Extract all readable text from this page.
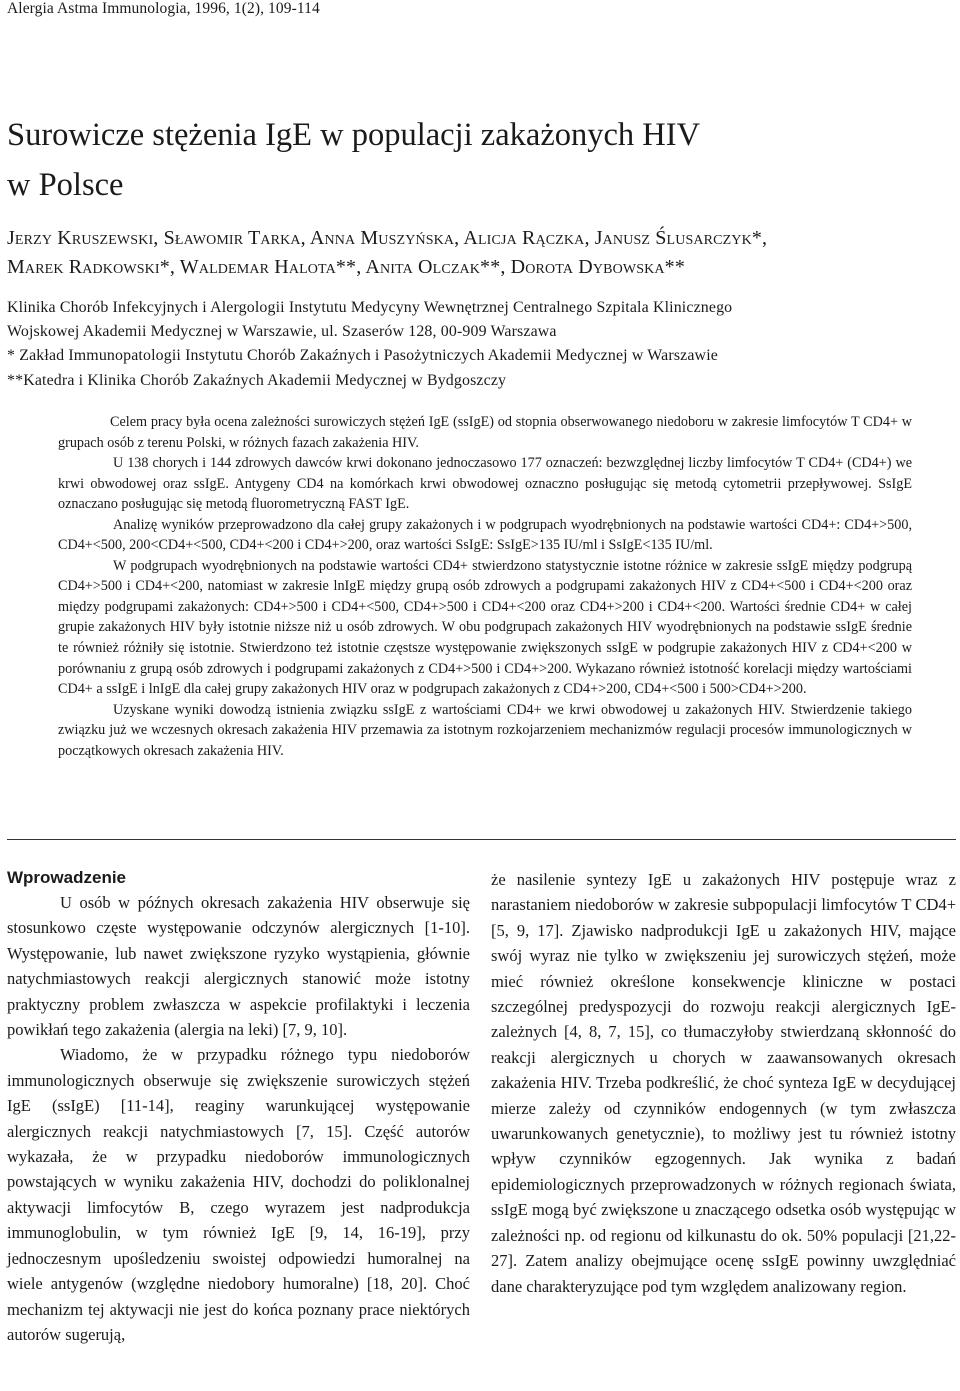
Alergia Astma Immunologia, 1996, 1(2), 109-114
Surowicze stężenia IgE w populacji zakażonych HIV
w Polsce
Jerzy Kruszewski, Sławomir Tarka, Anna Muszyńska, Alicja Rączka, Janusz Ślusarczyk*,
Marek Radkowski*, Waldemar Halota**, Anita Olczak**, Dorota Dybowska**
Klinika Chorób Infekcyjnych i Alergologii Instytutu Medycyny Wewnętrznej Centralnego Szpitala Klinicznego
Wojskowej Akademii Medycznej w Warszawie, ul. Szaserów 128, 00-909 Warszawa
* Zakład Immunopatologii Instytutu Chorób Zakaźnych i Pasożytniczych Akademii Medycznej w Warszawie
**Katedra i Klinika Chorób Zakaźnych Akademii Medycznej w Bydgoszczy

Celem pracy była ocena zależności surowiczych stężeń IgE (ssIgE) od stopnia obserwowanego niedoboru w zakresie limfocytów T CD4+ w grupach osób z terenu Polski, w różnych fazach zakażenia HIV.

U 138 chorych i 144 zdrowych dawców krwi dokonano jednoczasowo 177 oznaczeń: bezwzględnej liczby limfocytów T CD4+ (CD4+) we krwi obwodowej oraz ssIgE. Antygeny CD4 na komórkach krwi obwodowej oznaczno posługując się metodą cytometrii przepływowej. SsIgE oznaczano posługując się metodą fluorometryczną FAST IgE.

Analizę wyników przeprowadzono dla całej grupy zakażonych i w podgrupach wyodrębnionych na podstawie wartości CD4+: CD4+>500, CD4+<500, 200<CD4+<500, CD4+<200 i CD4+>200, oraz wartości SsIgE: SsIgE>135 IU/ml i SsIgE<135 IU/ml.

W podgrupach wyodrębnionych na podstawie wartości CD4+ stwierdzono statystycznie istotne różnice w zakresie ssIgE między podgrupą CD4+>500 i CD4+<200, natomiast w zakresie lnIgE między grupą osób zdrowych a podgrupami zakażonych HIV z CD4+<500 i CD4+<200 oraz między podgrupami zakażonych: CD4+>500 i CD4+<500, CD4+>500 i CD4+<200 oraz CD4+>200 i CD4+<200. Wartości średnie CD4+ w całej grupie zakażonych HIV były istotnie niższe niż u osób zdrowych. W obu podgrupach zakażonych HIV wyodrębnionych na podstawie ssIgE średnie te również różniły się istotnie. Stwierdzono też istotnie częstsze występowanie zwiększonych ssIgE w podgrupie zakażonych HIV z CD4+<200 w porównaniu z grupą osób zdrowych i podgrupami zakażonych z CD4+>500 i CD4+>200. Wykazano również istotność korelacji między wartościami CD4+ a ssIgE i lnIgE dla całej grupy zakażonych HIV oraz w podgrupach zakażonych z CD4+>200, CD4+<500 i 500>CD4+>200.

Uzyskane wyniki dowodzą istnienia związku ssIgE z wartościami CD4+ we krwi obwodowej u zakażonych HIV. Stwierdzenie takiego związku już we wczesnych okresach zakażenia HIV przemawia za istotnym rozkojarzeniem mechanizmów regulacji procesów immunologicznych w początkowych okresach zakażenia HIV.

Wprowadzenie

U osób w późnych okresach zakażenia HIV obserwuje się stosunkowo częste występowanie odczynów alergicznych [1-10]. Występowanie, lub nawet zwiększone ryzyko wystąpienia, głównie natychmiastowych reakcji alergicznych stanowić może istotny praktyczny problem zwłaszcza w aspekcie profilaktyki i leczenia powikłań tego zakażenia (alergia na leki) [7, 9, 10].

Wiadomo, że w przypadku różnego typu niedoborów immunologicznych obserwuje się zwiększenie surowiczych stężeń IgE (ssIgE) [11-14], reaginy warunkującej występowanie alergicznych reakcji natychmiastowych [7, 15]. Część autorów wykazała, że w przypadku niedoborów immunologicznych powstających w wyniku zakażenia HIV, dochodzi do poliklonalnej aktywacji limfocytów B, czego wyrazem jest nadprodukcja immunoglobulin, w tym również IgE [9, 14, 16-19], przy jednoczesnym upośledzeniu swoistej odpowiedzi humoralnej na wiele antygenów (względne niedobory humoralne) [18, 20]. Choć mechanizm tej aktywacji nie jest do końca poznany prace niektórych autorów sugerują,

że nasilenie syntezy IgE u zakażonych HIV postępuje wraz z narastaniem niedoborów w zakresie subpopulacji limfocytów T CD4+ [5, 9, 17]. Zjawisko nadprodukcji IgE u zakażonych HIV, mające swój wyraz nie tylko w zwiększeniu jej surowiczych stężeń, może mieć również określone konsekwencje kliniczne w postaci szczególnej predyspozycji do rozwoju reakcji alergicznych IgE-zależnych [4, 8, 7, 15], co tłumaczyłoby stwierdzaną skłonność do reakcji alergicznych u chorych w zaawansowanych okresach zakażenia HIV. Trzeba podkreślić, że choć synteza IgE w decydującej mierze zależy od czynników endogennych (w tym zwłaszcza uwarunkowanych genetycznie), to możliwy jest tu również istotny wpływ czynników egzogennych. Jak wynika z badań epidemiologicznych przeprowadzonych w różnych regionach świata, ssIgE mogą być zwiększone u znaczącego odsetka osób występując w zależności np. od regionu od kilkunastu do ok. 50% populacji [21,22-27]. Zatem analizy obejmujące ocenę ssIgE powinny uwzględniać dane charakteryzujące pod tym względem analizowany region.
